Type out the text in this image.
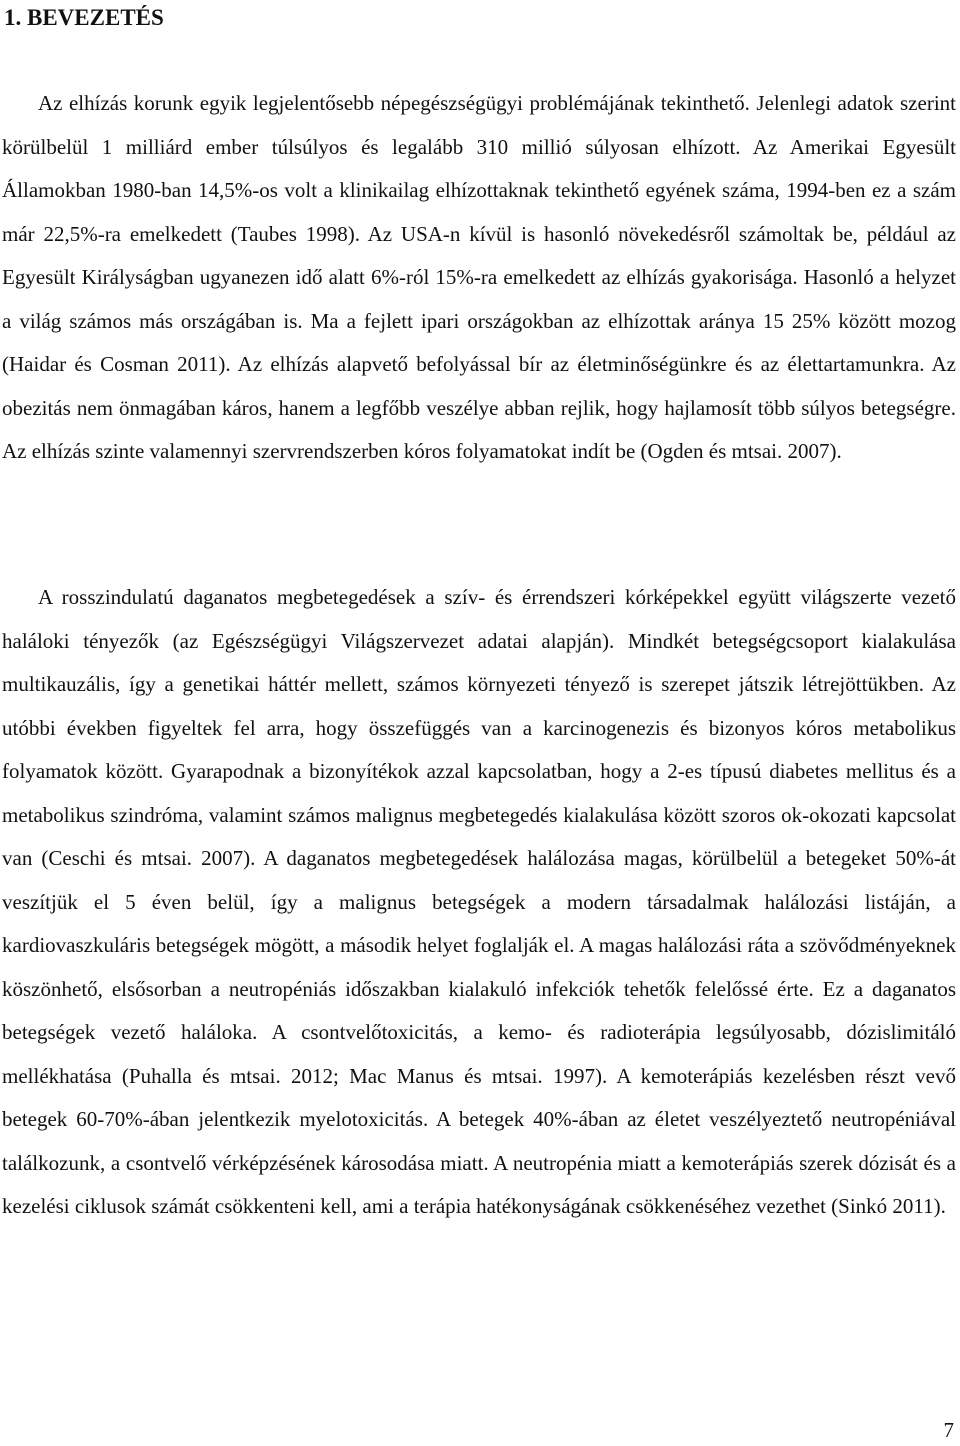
1. BEVEZETÉS

Az elhízás korunk egyik legjelentősebb népegészségügyi problémájának tekinthető. Jelenlegi adatok szerint körülbelül 1 milliárd ember túlsúlyos és legalább 310 millió súlyosan elhízott. Az Amerikai Egyesült Államokban 1980-ban 14,5%-os volt a klinikailag elhízottaknak tekinthető egyének száma, 1994-ben ez a szám már 22,5%-ra emelkedett (Taubes 1998). Az USA-n kívül is hasonló növekedésről számoltak be, például az Egyesült Királyságban ugyanezen idő alatt 6%-ról 15%-ra emelkedett az elhízás gyakorisága. Hasonló a helyzet a világ számos más országában is. Ma a fejlett ipari országokban az elhízottak aránya 15 25% között mozog (Haidar és Cosman 2011). Az elhízás alapvető befolyással bír az életminőségünkre és az élettartamunkra. Az obezitás nem önmagában káros, hanem a legfőbb veszélye abban rejlik, hogy hajlamosít több súlyos betegségre. Az elhízás szinte valamennyi szervrendszerben kóros folyamatokat indít be (Ogden és mtsai. 2007).

A rosszindulatú daganatos megbetegedések a szív- és érrendszeri kórképekkel együtt világszerte vezető haláloki tényezők (az Egészségügyi Világszervezet adatai alapján). Mindkét betegségcsoport kialakulása multikauzális, így a genetikai háttér mellett, számos környezeti tényező is szerepet játszik létrejöttükben. Az utóbbi években figyeltek fel arra, hogy összefüggés van a karcinogenezis és bizonyos kóros metabolikus folyamatok között. Gyarapodnak a bizonyítékok azzal kapcsolatban, hogy a 2-es típusú diabetes mellitus és a metabolikus szindróma, valamint számos malignus megbetegedés kialakulása között szoros ok-okozati kapcsolat van (Ceschi és mtsai. 2007). A daganatos megbetegedések halálozása magas, körülbelül a betegeket 50%-át veszítjük el 5 éven belül, így a malignus betegségek a modern társadalmak halálozási listáján, a kardiovaszkuláris betegségek mögött, a második helyet foglalják el. A magas halálozási ráta a szövődményeknek köszönhető, elsősorban a neutropéniás időszakban kialakuló infekciók tehetők felelőssé érte. Ez a daganatos betegségek vezető haláloka. A csontvelőtoxicitás, a kemo- és radioterápia legsúlyosabb, dózislimitáló mellékhatása (Puhalla és mtsai. 2012; Mac Manus és mtsai. 1997). A kemoterápiás kezelésben részt vevő betegek 60-70%-ában jelentkezik myelotoxicitás. A betegek 40%-ában az életet veszélyeztető neutropéniával találkozunk, a csontvelő vérképzésének károsodása miatt. A neutropénia miatt a kemoterápiás szerek dózisát és a kezelési ciklusok számát csökkenteni kell, ami a terápia hatékonyságának csökkenéséhez vezethet (Sinkó 2011).

7
